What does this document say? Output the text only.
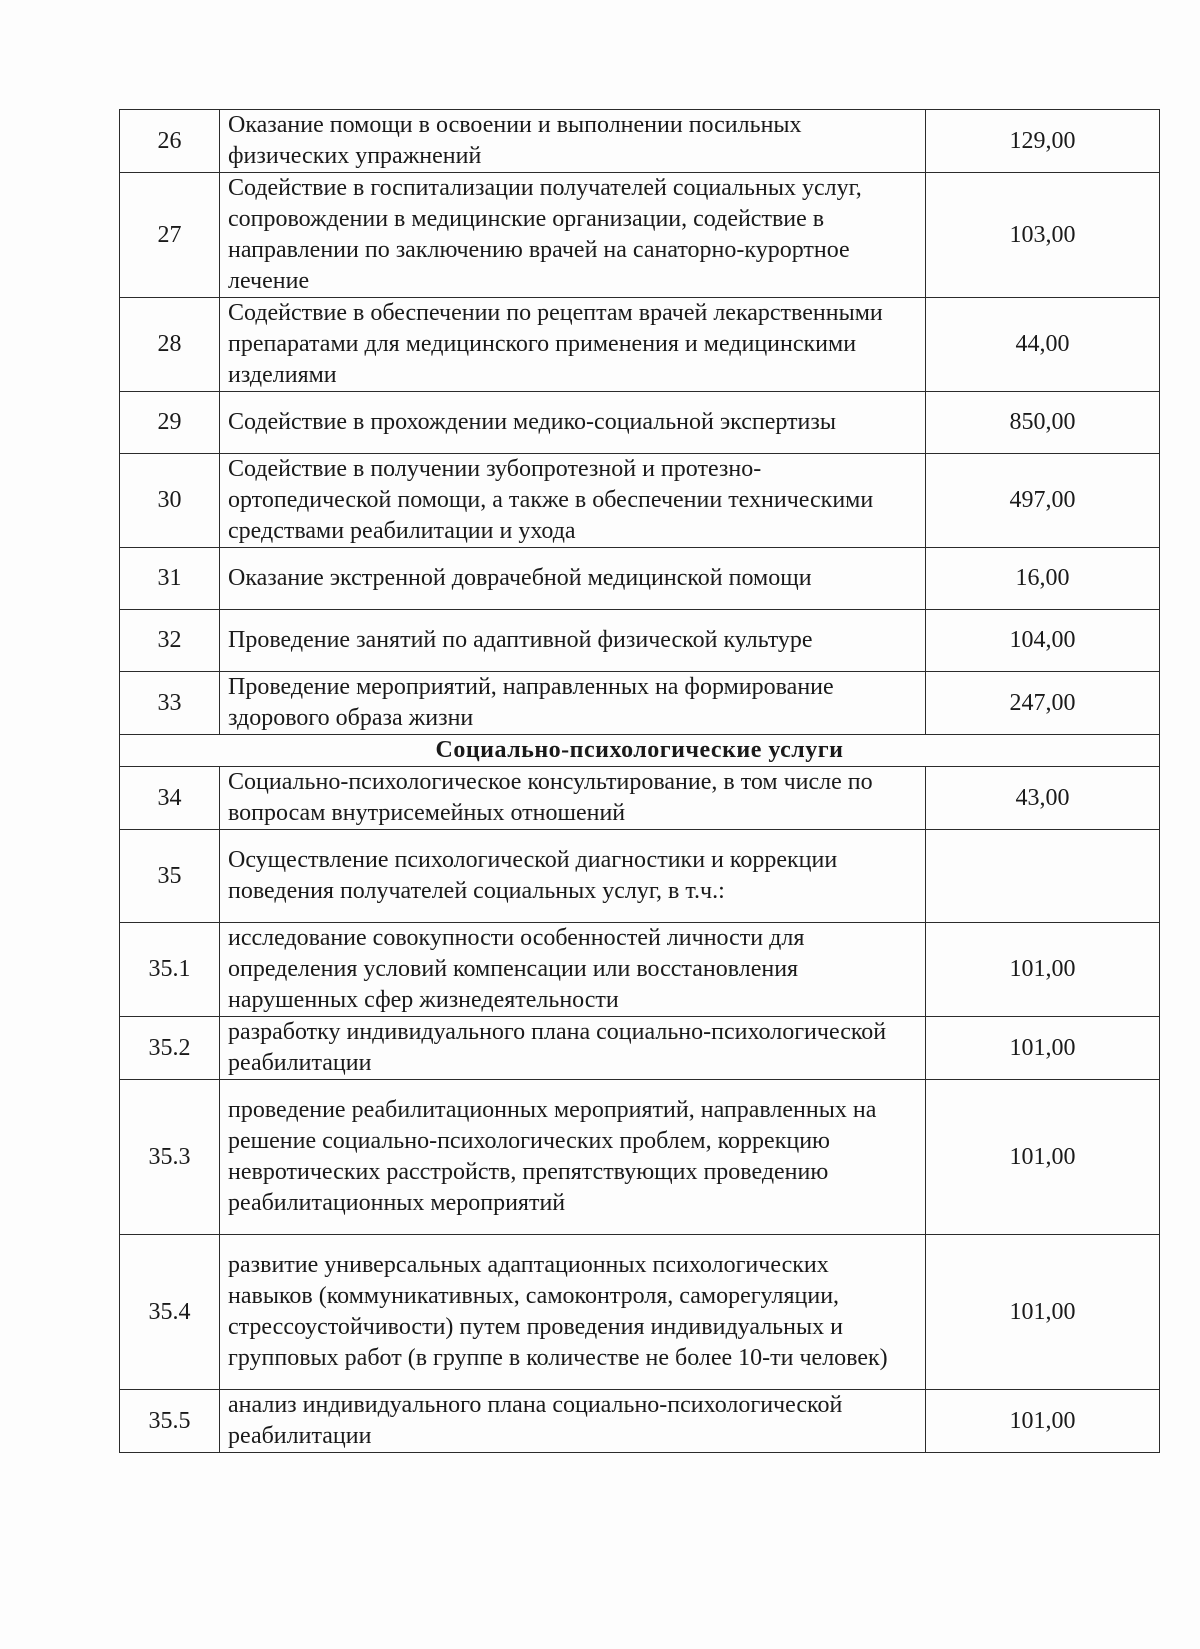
26	Оказание помощи в освоении и выполнении посильных физических упражнений	129,00
27	Содействие в госпитализации получателей социальных услуг, сопровождении в медицинские организации, содействие в направлении по заключению врачей на санаторно-курортное лечение	103,00
28	Содействие в обеспечении по рецептам врачей лекарственными препаратами для медицинского применения и медицинскими изделиями	44,00
29	Содействие в прохождении медико-социальной экспертизы	850,00
30	Содействие в получении зубопротезной и протезно-ортопедической помощи, а также в обеспечении техническими средствами реабилитации и ухода	497,00
31	Оказание экстренной доврачебной медицинской помощи	16,00
32	Проведение занятий по адаптивной физической культуре	104,00
33	Проведение мероприятий, направленных на формирование здорового образа жизни	247,00
Социально-психологические услуги		
34	Социально-психологическое консультирование, в том числе по вопросам внутрисемейных отношений	43,00
35	Осуществление психологической диагностики и коррекции поведения получателей социальных услуг, в т.ч.:	
35.1	исследование совокупности особенностей личности для определения условий компенсации или восстановления нарушенных сфер жизнедеятельности	101,00
35.2	разработку индивидуального плана социально-психологической реабилитации	101,00
35.3	проведение реабилитационных мероприятий, направленных на решение социально-психологических проблем, коррекцию невротических расстройств, препятствующих проведению реабилитационных мероприятий	101,00
35.4	развитие универсальных адаптационных психологических навыков (коммуникативных, самоконтроля, саморегуляции, стрессоустойчивости) путем проведения индивидуальных и групповых работ (в группе в количестве не более 10-ти человек)	101,00
35.5	анализ индивидуального плана социально-психологической реабилитации	101,00
